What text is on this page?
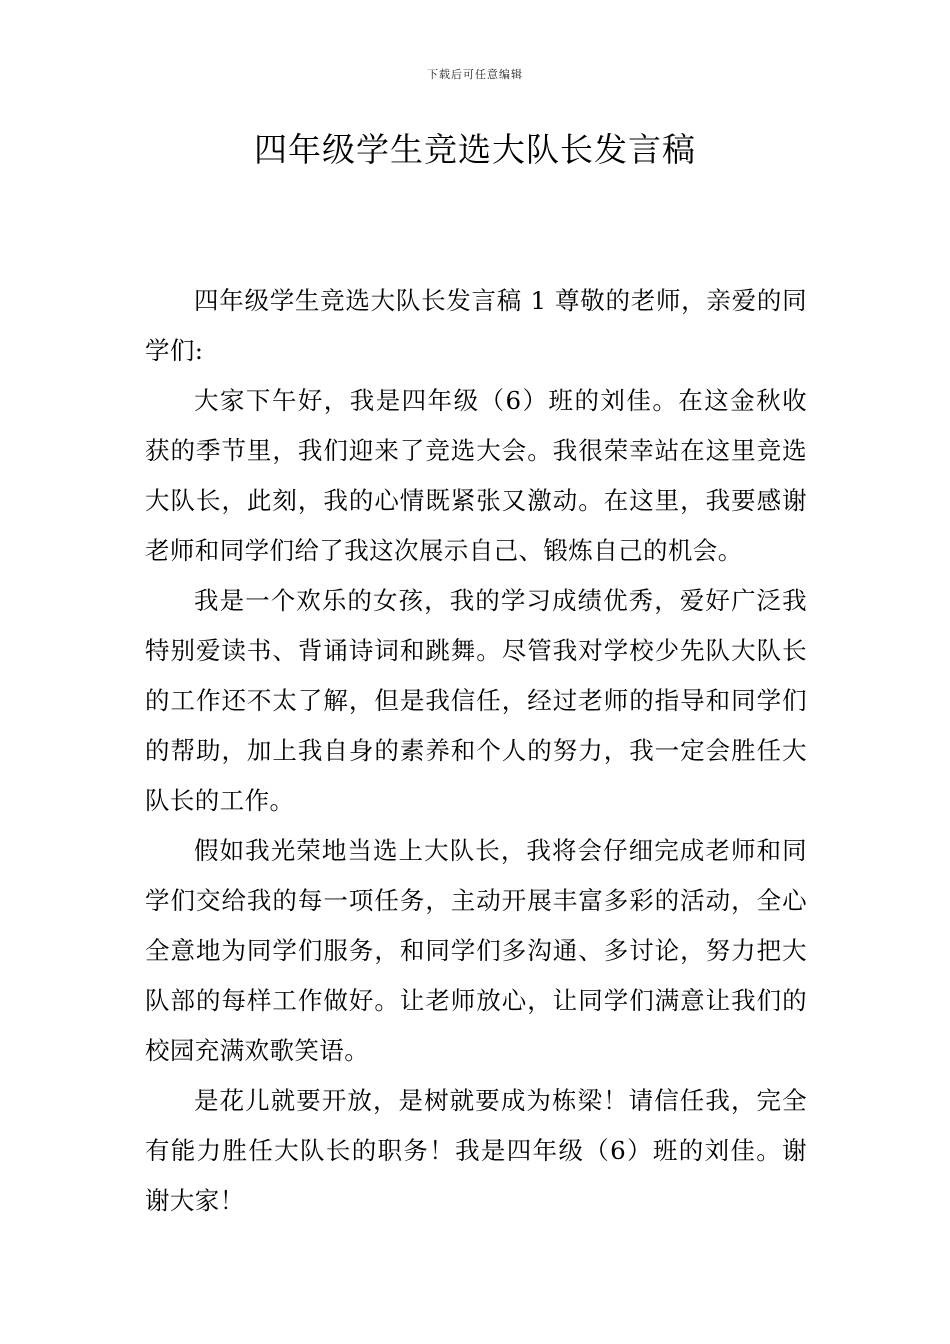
下载后可任意编辑
四年级学生竞选大队长发言稿

四年级学生竞选大队长发言稿 1 尊敬的老师，亲爱的同学们:

大家下午好，我是四年级（6）班的刘佳。在这金秋收获的季节里，我们迎来了竞选大会。我很荣幸站在这里竞选大队长，此刻，我的心情既紧张又激动。在这里，我要感谢老师和同学们给了我这次展示自己、锻炼自己的机会。

我是一个欢乐的女孩，我的学习成绩优秀，爱好广泛我特别爱读书、背诵诗词和跳舞。尽管我对学校少先队大队长的工作还不太了解，但是我信任，经过老师的指导和同学们的帮助，加上我自身的素养和个人的努力，我一定会胜任大队长的工作。

假如我光荣地当选上大队长，我将会仔细完成老师和同学们交给我的每一项任务，主动开展丰富多彩的活动，全心全意地为同学们服务，和同学们多沟通、多讨论，努力把大队部的每样工作做好。让老师放心，让同学们满意让我们的校园充满欢歌笑语。

是花儿就要开放，是树就要成为栋梁！请信任我，完全有能力胜任大队长的职务！我是四年级（6）班的刘佳。谢谢大家！
